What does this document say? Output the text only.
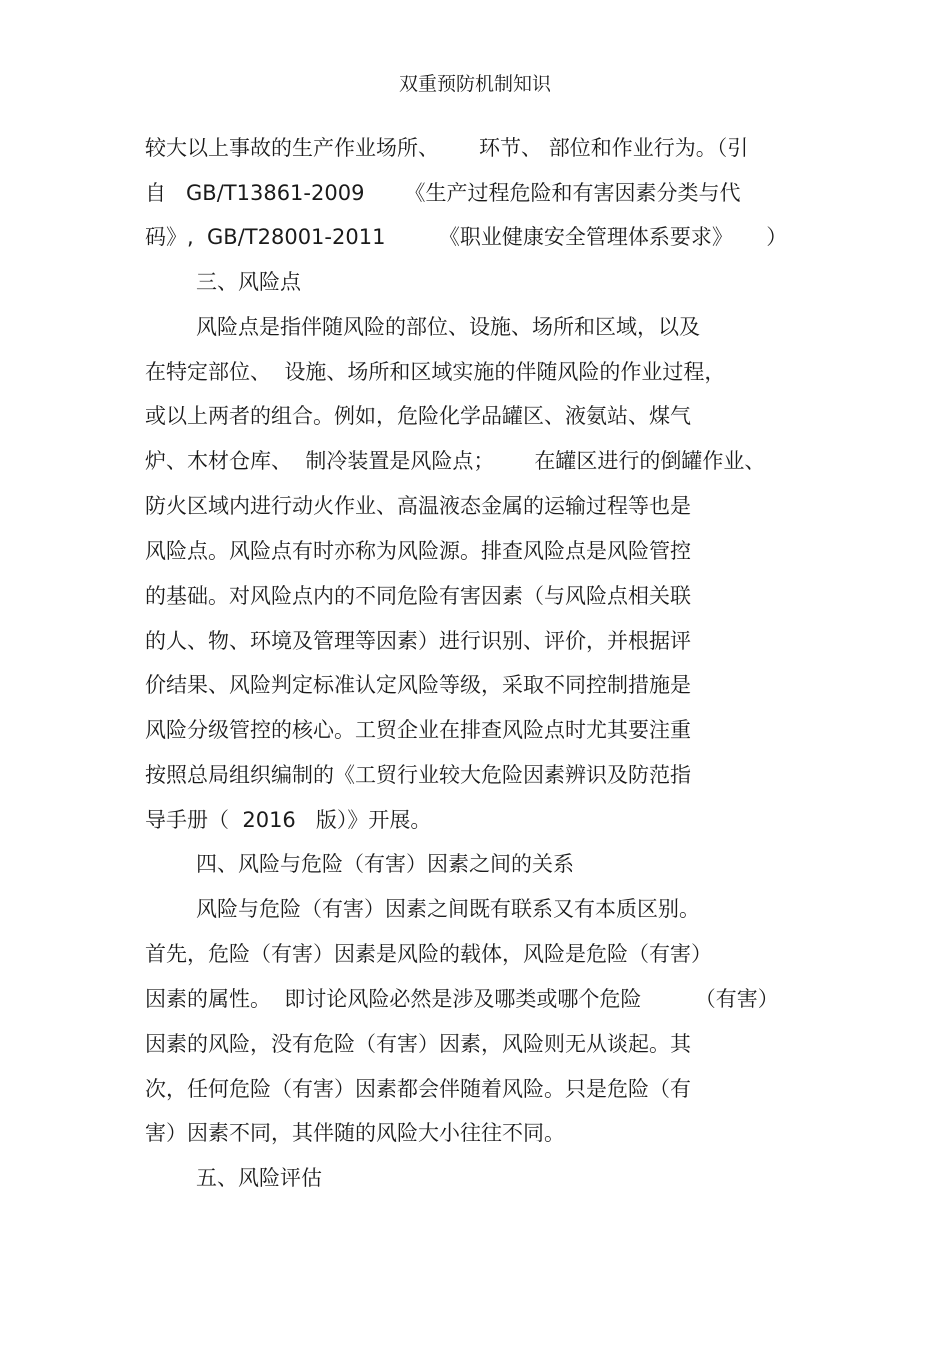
双重预防机制知识
较大以上事故的生产作业场所、      环节、 部位和作业行为。（引
自   GB/T13861-2009      《生产过程危险和有害因素分类与代
码》,  GB/T28001-2011        《职业健康安全管理体系要求》     ）
三、风险点
风险点是指伴随风险的部位、设施、场所和区域，以及
在特定部位、  设施、场所和区域实施的伴随风险的作业过程，
或以上两者的组合。例如，危险化学品罐区、液氨站、煤气
炉、木材仓库、  制冷装置是风险点；      在罐区进行的倒罐作业、
防火区域内进行动火作业、高温液态金属的运输过程等也是
风险点。风险点有时亦称为风险源。排查风险点是风险管控
的基础。对风险点内的不同危险有害因素（与风险点相关联
的人、物、环境及管理等因素）进行识别、评价，并根据评
价结果、风险判定标准认定风险等级，采取不同控制措施是
风险分级管控的核心。工贸企业在排查风险点时尤其要注重
按照总局组织编制的《工贸行业较大危险因素辨识及防范指
导手册（  2016   版）》开展。
四、风险与危险（有害）因素之间的关系
风险与危险（有害）因素之间既有联系又有本质区别。
首先，危险（有害）因素是风险的载体，风险是危险（有害）
因素的属性。  即讨论风险必然是涉及哪类或哪个危险        （有害）
因素的风险，没有危险（有害）因素，风险则无从谈起。其
次，任何危险（有害）因素都会伴随着风险。只是危险（有
害）因素不同，其伴随的风险大小往往不同。
五、风险评估
